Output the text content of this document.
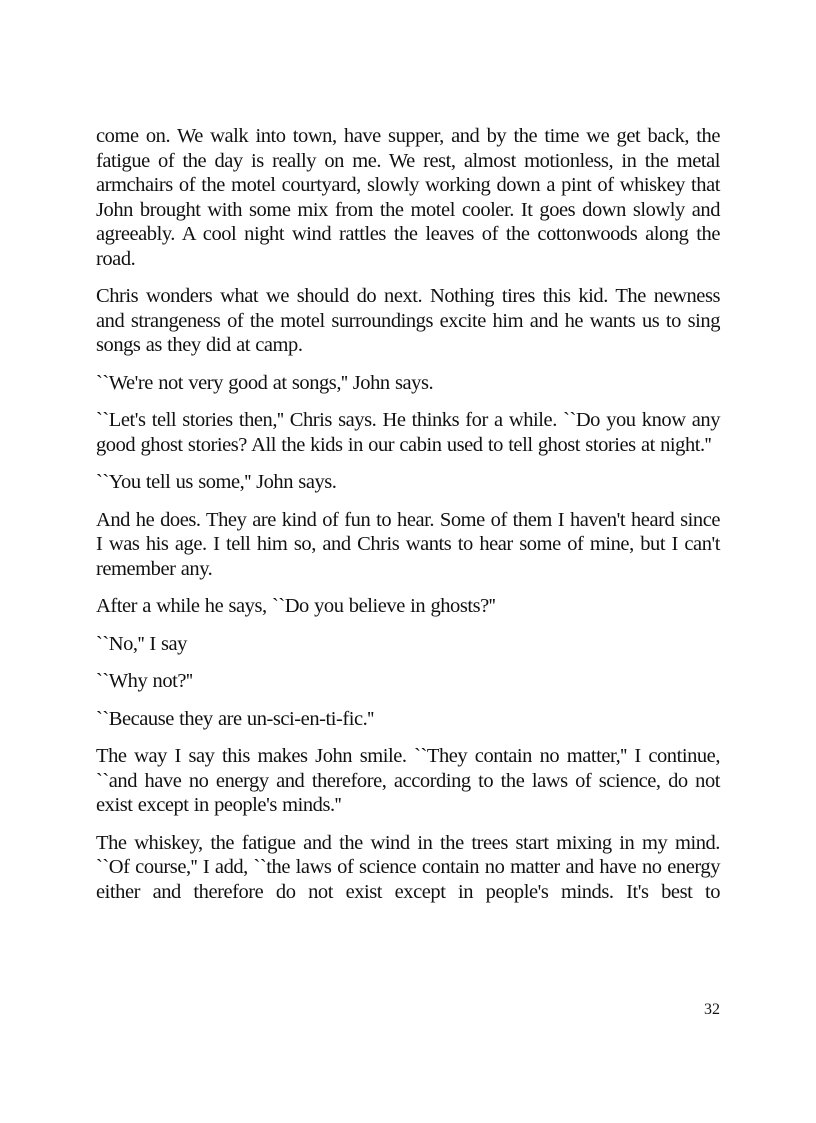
come on. We walk into town, have supper, and by the time we get back, the fatigue of the day is really on me. We rest, almost motionless, in the metal armchairs of the motel courtyard, slowly working down a pint of whiskey that John brought with some mix from the motel cooler. It goes down slowly and agreeably. A cool night wind rattles the leaves of the cottonwoods along the road.

Chris wonders what we should do next. Nothing tires this kid. The newness and strangeness of the motel surroundings excite him and he wants us to sing songs as they did at camp.

``We're not very good at songs,'' John says.

``Let's tell stories then,'' Chris says. He thinks for a while. ``Do you know any good ghost stories? All the kids in our cabin used to tell ghost stories at night.''

``You tell us some,'' John says.

And he does. They are kind of fun to hear. Some of them I haven't heard since I was his age. I tell him so, and Chris wants to hear some of mine, but I can't remember any.

After a while he says, ``Do you believe in ghosts?''

``No,'' I say

``Why not?''

``Because they are un-sci-en-ti-fic.''

The way I say this makes John smile. ``They contain no matter,'' I continue, ``and have no energy and therefore, according to the laws of science, do not exist except in people's minds.''

The whiskey, the fatigue and the wind in the trees start mixing in my mind. ``Of course,'' I add, ``the laws of science contain no matter and have no energy either and therefore do not exist except in people's minds. It's best to

32
